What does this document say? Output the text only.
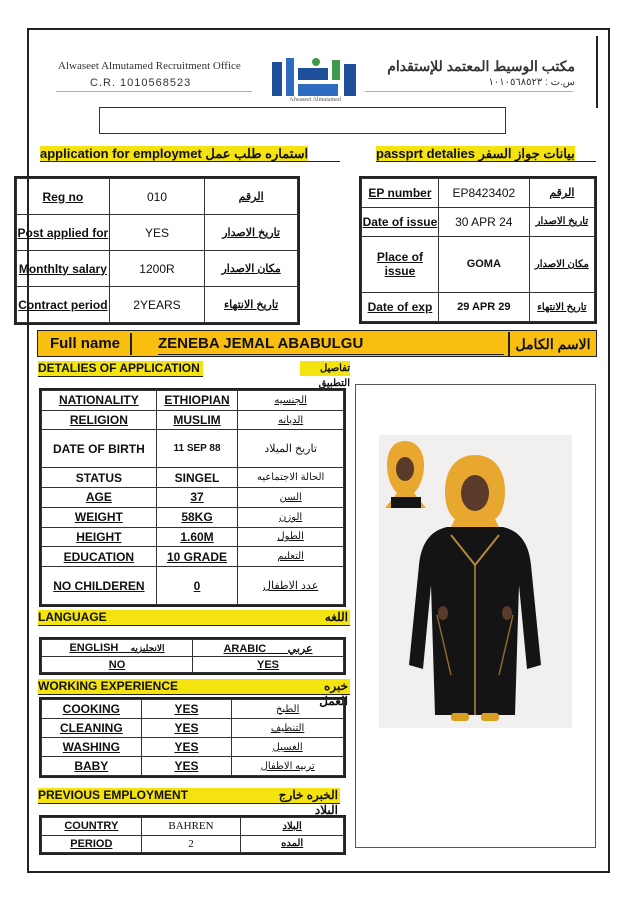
Alwaseet Almutamed Recruitment Office
C.R. 1010568523
مكتب الوسيط المعتمد للإستقدام
س.ت : ١٠١٠٥٦٨٥٢٣
Alwaseet Almutamed
application for employmet استماره طلب عمل	passprt detalies بيانات جواز السفر
Reg no	010	الرقم
Post applied for	YES	تاريخ الاصدار
Monthlty salary	1200R	مكان الاصدار
Contract period	2YEARS	تاريخ الانتهاء
EP number	EP8423402	الرقم
Date of issue	30 APR 24	تاريخ الاصدار
Place of issue	GOMA	مكان الاصدار
Date of exp	29 APR 29	تاريخ الانتهاء
Full name	ZENEBA JEMAL ABABULGU	الاسم الكامل
DETALIES OF APPLICATION	تفاصيل التطبيق
NATIONALITY	ETHIOPIAN	الجنسيه
RELIGION	MUSLIM	الديانه
DATE OF BIRTH	11 SEP 88	تاريخ الميلاد
STATUS	SINGEL	الحالة الاجتماعيه
AGE	37	السن
WEIGHT	58KG	الوزن
HEIGHT	1.60M	الطول
EDUCATION	10 GRADE	التعليم
NO CHILDEREN	0	عدد الاطفال
LANGUAGE	اللغه
ENGLISH الانجليزيه	ARABIC عربي
NO	YES
WORKING EXPERIENCE	خبره العمل
COOKING	YES	الطبخ
CLEANING	YES	التنظيف
WASHING	YES	الغسيل
BABY	YES	تربيه الاطفال
PREVIOUS EMPLOYMENT	الخبره خارج البلاد
COUNTRY	BAHREN	البلاد
PERIOD	2	المده
